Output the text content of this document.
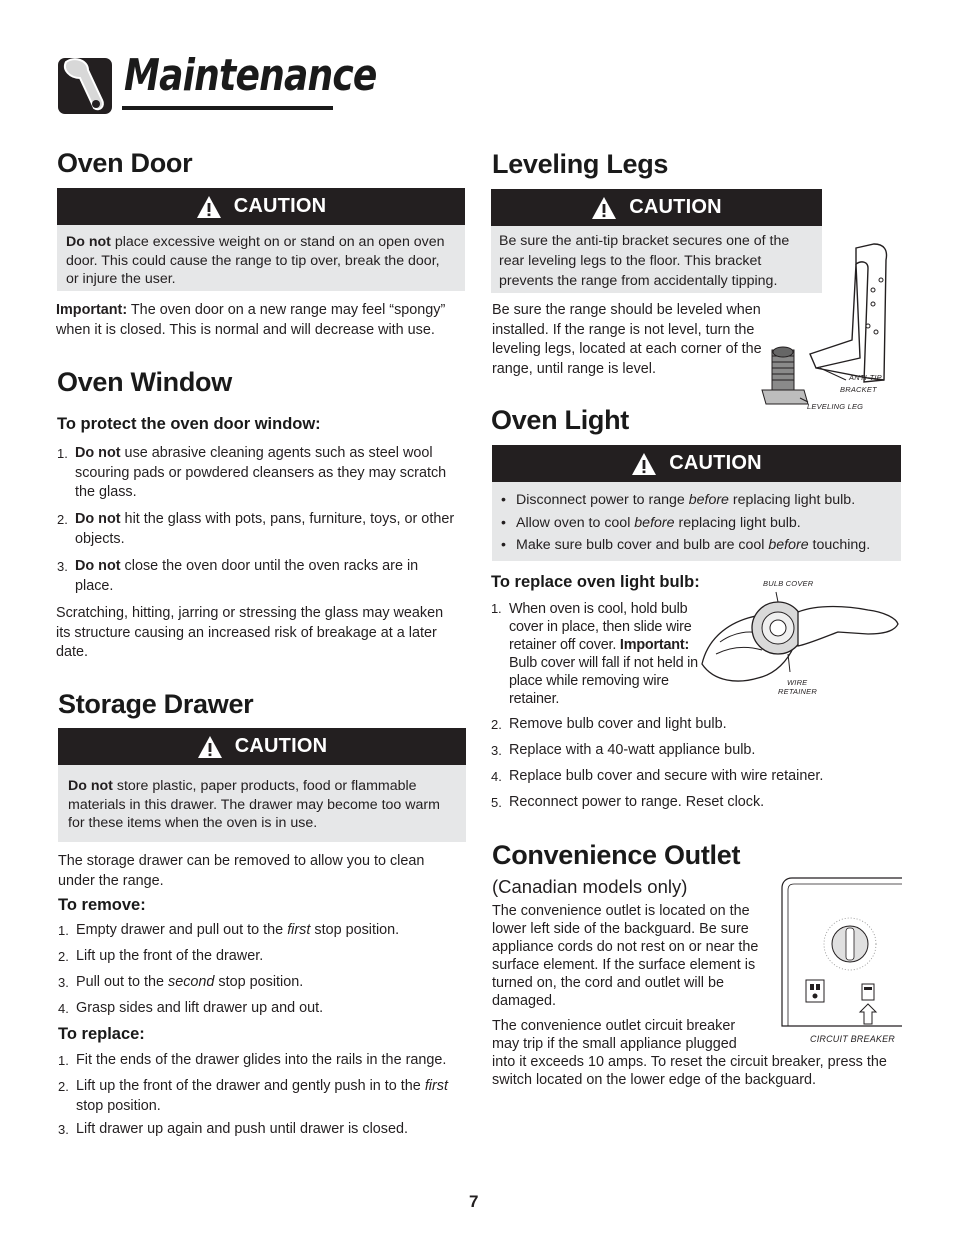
Maintenance
Oven Door
CAUTION
Do not place excessive weight on or stand on an open oven door. This could cause the range to tip over, break the door, or injure the user.
Important: The oven door on a new range may feel “spongy” when it is closed. This is normal and will decrease with use.
Oven Window
To protect the oven door window:
1. Do not use abrasive cleaning agents such as steel wool scouring pads or powdered cleansers as they may scratch the glass.
2. Do not hit the glass with pots, pans, furniture, toys, or other objects.
3. Do not close the oven door until the oven racks are in place.
Scratching, hitting, jarring or stressing the glass may weaken its structure causing an increased risk of breakage at a later date.
Storage Drawer
CAUTION
Do not store plastic, paper products, food or flammable materials in this drawer. The drawer may become too warm for these items when the oven is in use.
The storage drawer can be removed to allow you to clean under the range.
To remove:
1. Empty drawer and pull out to the first stop position.
2. Lift up the front of the drawer.
3. Pull out to the second stop position.
4. Grasp sides and lift drawer up and out.
To replace:
1. Fit the ends of the drawer glides into the rails in the range.
2. Lift up the front of the drawer and gently push in to the first stop position.
3. Lift drawer up again and push until drawer is closed.
Leveling Legs
CAUTION
Be sure the anti-tip bracket secures one of the rear leveling legs to the floor. This bracket prevents the range from accidentally tipping.
Be sure the range should be leveled when installed. If the range is not level, turn the leveling legs, located at each corner of the range, until range is level.
ANTI-TIP
BRACKET
LEVELING LEG
Oven Light
CAUTION
• Disconnect power to range before replacing light bulb.
• Allow oven to cool before replacing light bulb.
• Make sure bulb cover and bulb are cool before touching.
To replace oven light bulb:
1. When oven is cool, hold bulb cover in place, then slide wire retainer off cover. Important: Bulb cover will fall if not held in place while removing wire retainer.
BULB COVER
WIRE
RETAINER
2. Remove bulb cover and light bulb.
3. Replace with a 40-watt appliance bulb.
4. Replace bulb cover and secure with wire retainer.
5. Reconnect power to range. Reset clock.
Convenience Outlet
(Canadian models only)
The convenience outlet is located on the lower left side of the backguard. Be sure appliance cords do not rest on or near the surface element. If the surface element is turned on, the cord and outlet will be damaged.
The convenience outlet circuit breaker
may trip if the small appliance plugged
into it exceeds 10 amps. To reset the circuit breaker, press the switch located on the lower edge of the backguard.
CIRCUIT BREAKER
7
